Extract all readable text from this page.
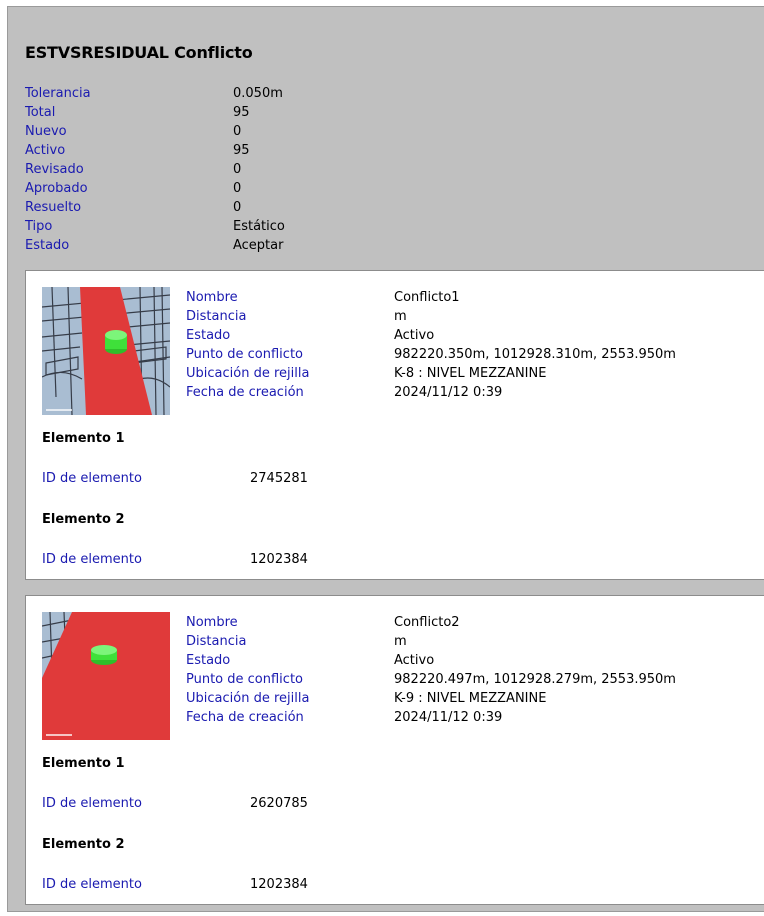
ESTVSRESIDUAL Conflicto
Tolerancia	0.050m
Total	95
Nuevo	0
Activo	95
Revisado	0
Aprobado	0
Resuelto	0
Tipo	Estático
Estado	Aceptar
Nombre	Conflicto1
Distancia	m
Estado	Activo
Punto de conflicto	982220.350m, 1012928.310m, 2553.950m
Ubicación de rejilla	K-8 : NIVEL MEZZANINE
Fecha de creación	2024/11/12 0:39
Elemento 1
ID de elemento	2745281
Elemento 2
ID de elemento	1202384
Nombre	Conflicto2
Distancia	m
Estado	Activo
Punto de conflicto	982220.497m, 1012928.279m, 2553.950m
Ubicación de rejilla	K-9 : NIVEL MEZZANINE
Fecha de creación	2024/11/12 0:39
Elemento 1
ID de elemento	2620785
Elemento 2
ID de elemento	1202384
